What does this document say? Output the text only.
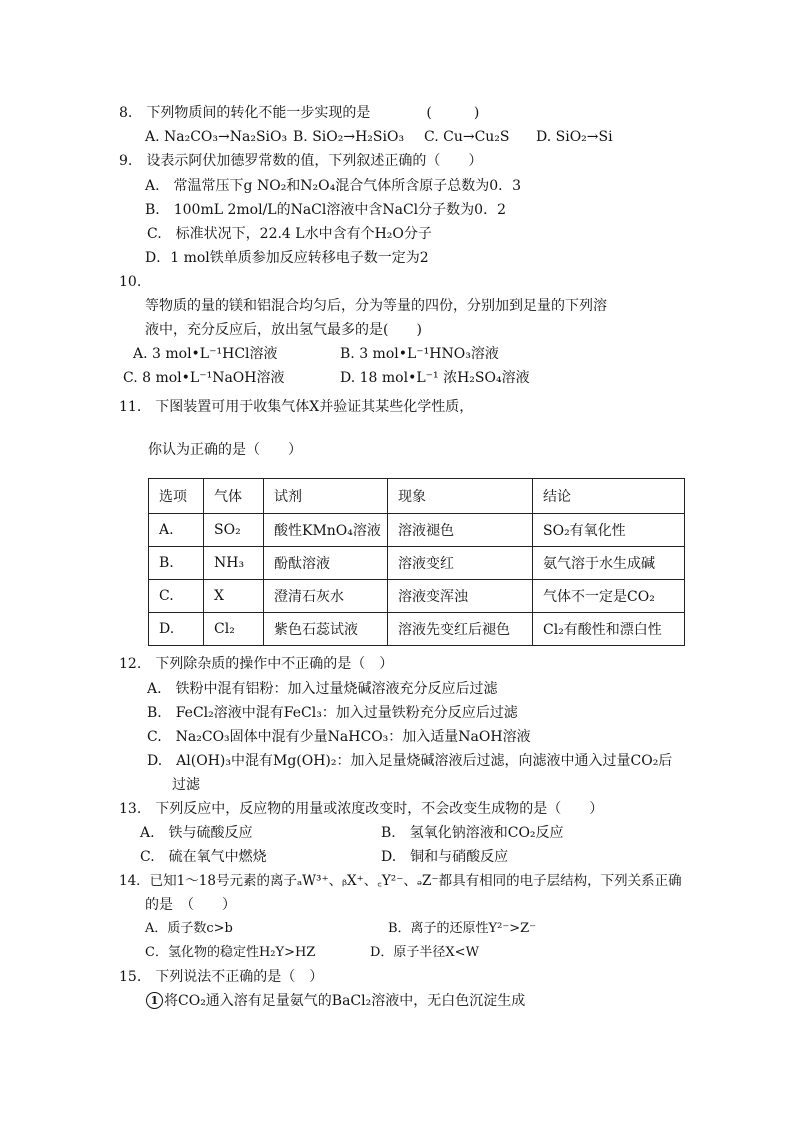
8.　下列物质间的转化不能一步实现的是　　　　(　　　)
A. Na₂CO₃→Na₂SiO₃ B. SiO₂→H₂SiO₃ C. Cu→Cu₂S D. SiO₂→Si
9.　设表示阿伏加德罗常数的值，下列叙述正确的（　　）
A.　常温常压下g NO₂和N₂O₄混合气体所含原子总数为0．3
B.　100mL 2mol/L的NaCl溶液中含NaCl分子数为0．2
C.　标准状况下，22.4 L水中含有个H₂O分子
D．1 mol铁单质参加反应转移电子数一定为2
10.
等物质的量的镁和铝混合均匀后，分为等量的四份，分别加到足量的下列溶
液中，充分反应后，放出氢气最多的是(　　)
A. 3 mol•L⁻¹HCl溶液	B. 3 mol•L⁻¹HNO₃溶液
C. 8 mol•L⁻¹NaOH溶液	D. 18 mol•L⁻¹ 浓H₂SO₄溶液
11.　下图装置可用于收集气体X并验证其某些化学性质，
你认为正确的是（　　）
选项	气体	试剂	现象	结论
A.	SO₂	酸性KMnO₄溶液	溶液褪色	SO₂有氧化性
B.	NH₃	酚酞溶液	溶液变红	氨气溶于水生成碱
C.	X	澄清石灰水	溶液变浑浊	气体不一定是CO₂
D.	Cl₂	紫色石蕊试液	溶液先变红后褪色	Cl₂有酸性和漂白性
12.　下列除杂质的操作中不正确的是（　）
A.　铁粉中混有铝粉：加入过量烧碱溶液充分反应后过滤
B.　FeCl₂溶液中混有FeCl₃：加入过量铁粉充分反应后过滤
C.　Na₂CO₃固体中混有少量NaHCO₃：加入适量NaOH溶液
D.　Al(OH)₃中混有Mg(OH)₂：加入足量烧碱溶液后过滤，向滤液中通入过量CO₂后
过滤
13.　下列反应中，反应物的用量或浓度改变时，不会改变生成物的是（　　）
A.　铁与硫酸反应	B.　氢氧化钠溶液和CO₂反应
C.　硫在氧气中燃烧	D.　铜和与硝酸反应
14．已知1～18号元素的离子ₐW³⁺、ᵦX⁺、꜀Y²⁻、ₔZ⁻都具有相同的电子层结构，下列关系正确
的是　（　　）
A．质子数c>b	B．离子的还原性Y²⁻>Z⁻
C．氢化物的稳定性H₂Y>HZ	D．原子半径X<W
15.　下列说法不正确的是（　）
1 将CO₂通入溶有足量氨气的BaCl₂溶液中，无白色沉淀生成
